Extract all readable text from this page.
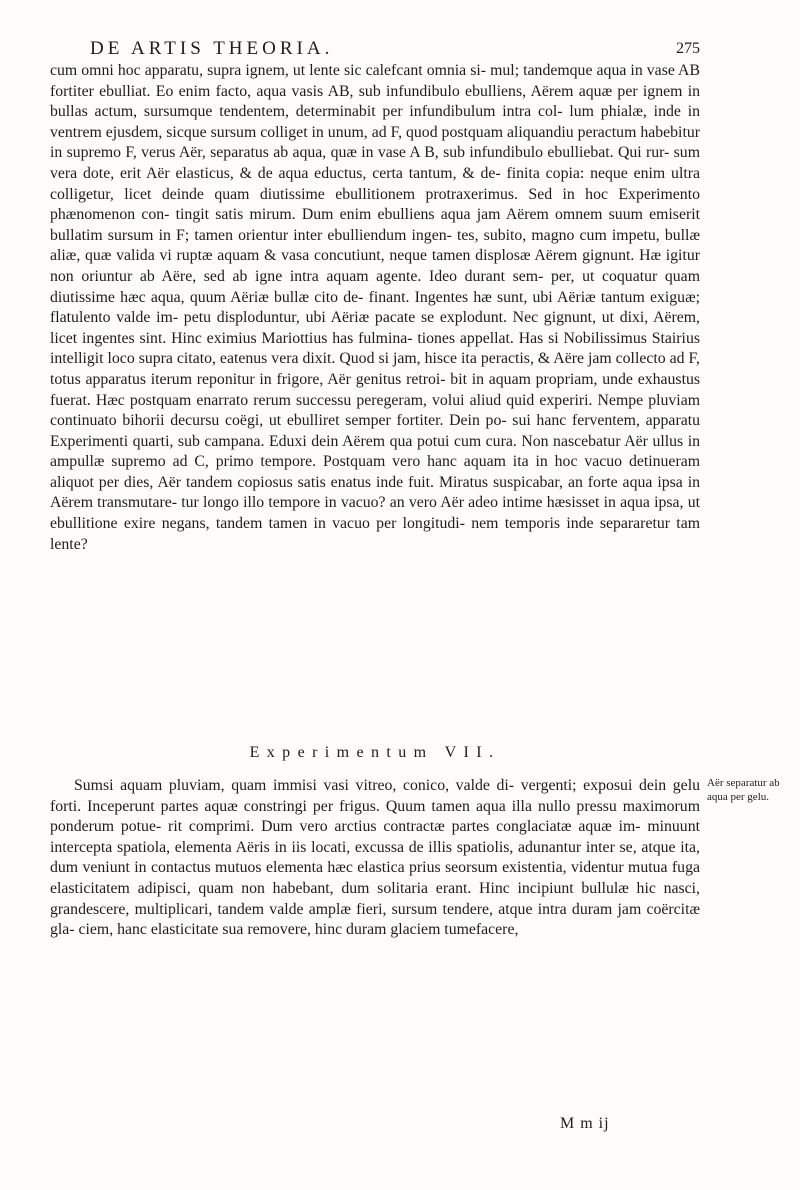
DE ARTIS THEORIA.	275

cum omni hoc apparatu, supra ignem, ut lente sic calefcant omnia si- mul; tandemque aqua in vase AB fortiter ebulliat. Eo enim facto, aqua vasis AB, sub infundibulo ebulliens, Aërem aquæ per ignem in bullas actum, sursumque tendentem, determinabit per infundibulum intra col- lum phialæ, inde in ventrem ejusdem, sicque sursum colliget in unum, ad F, quod postquam aliquandiu peractum habebitur in supremo F, verus Aër, separatus ab aqua, quæ in vase A B, sub infundibulo ebulliebat. Qui rur- sum vera dote, erit Aër elasticus, & de aqua eductus, certa tantum, & de- finita copia: neque enim ultra colligetur, licet deinde quam diutissime ebullitionem protraxerimus. Sed in hoc Experimento phænomenon con- tingit satis mirum. Dum enim ebulliens aqua jam Aërem omnem suum emiserit bullatim sursum in F; tamen orientur inter ebulliendum ingen- tes, subito, magno cum impetu, bullæ aliæ, quæ valida vi ruptæ aquam & vasa concutiunt, neque tamen displosæ Aërem gignunt. Hæ igitur non oriuntur ab Aëre, sed ab igne intra aquam agente. Ideo durant sem- per, ut coquatur quam diutissime hæc aqua, quum Aëriæ bullæ cito de- finant. Ingentes hæ sunt, ubi Aëriæ tantum exiguæ; flatulento valde im- petu disploduntur, ubi Aëriæ pacate se explodunt. Nec gignunt, ut dixi, Aërem, licet ingentes sint. Hinc eximius Mariottius has fulmina- tiones appellat. Has si Nobilissimus Stairius intelligit loco supra citato, eatenus vera dixit. Quod si jam, hisce ita peractis, & Aëre jam collecto ad F, totus apparatus iterum reponitur in frigore, Aër genitus retroi- bit in aquam propriam, unde exhaustus fuerat. Hæc postquam enarrato rerum successu peregeram, volui aliud quid experiri. Nempe pluviam continuato bihorii decursu coëgi, ut ebulliret semper fortiter. Dein po- sui hanc ferventem, apparatu Experimenti quarti, sub campana. Eduxi dein Aërem qua potui cum cura. Non nascebatur Aër ullus in ampullæ supremo ad C, primo tempore. Postquam vero hanc aquam ita in hoc vacuo detinueram aliquot per dies, Aër tandem copiosus satis enatus inde fuit. Miratus suspicabar, an forte aqua ipsa in Aërem transmutare- tur longo illo tempore in vacuo? an vero Aër adeo intime hæsisset in aqua ipsa, ut ebullitione exire negans, tandem tamen in vacuo per longitudi- nem temporis inde separaretur tam lente?

Experimentum VII.

Sumsi aquam pluviam, quam immisi vasi vitreo, conico, valde di- vergenti; exposui dein gelu forti. Inceperunt partes aquæ constringi per frigus. Quum tamen aqua illa nullo pressu maximorum ponderum potue- rit comprimi. Dum vero arctius contractæ partes conglaciatæ aquæ im- minuunt intercepta spatiola, elementa Aëris in iis locati, excussa de illis spatiolis, adunantur inter se, atque ita, dum veniunt in contactus mutuos elementa hæc elastica prius seorsum existentia, videntur mutua fuga elasticitatem adipisci, quam non habebant, dum solitaria erant. Hinc incipiunt bullulæ hic nasci, grandescere, multiplicari, tandem valde amplæ fieri, sursum tendere, atque intra duram jam coërcitæ gla- ciem, hanc elasticitate sua removere, hinc duram glaciem tumefacere,

Aër separatur ab aqua per gelu.
M m ij
